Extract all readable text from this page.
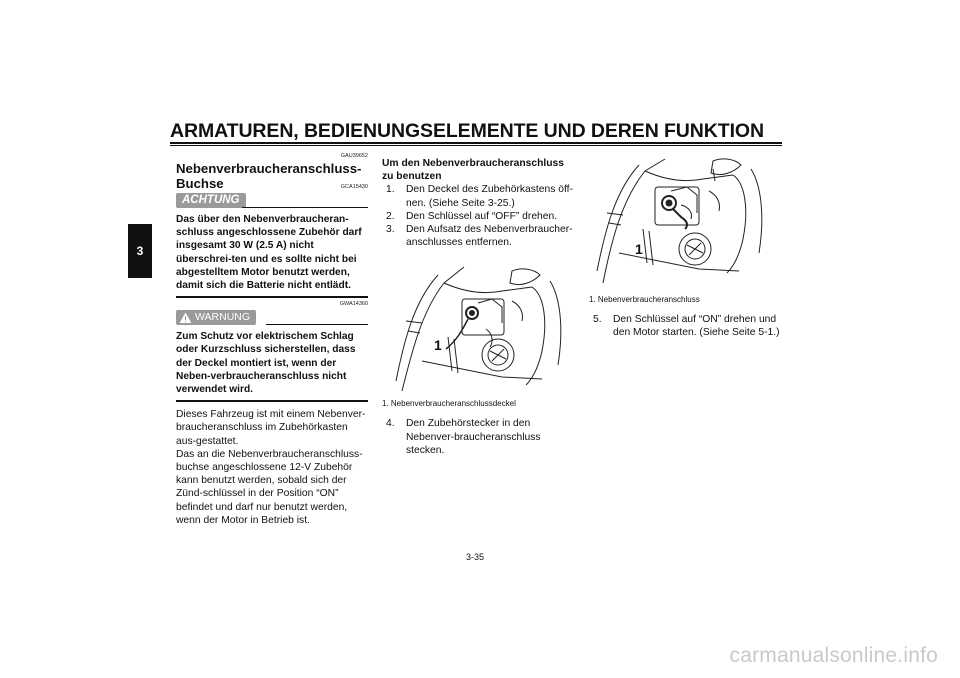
ARMATUREN, BEDIENUNGSELEMENTE UND DEREN FUNKTION
3
GAU39652
Nebenverbraucheranschluss-Buchse	GCA15430
ACHTUNG
Das über den Nebenverbraucheran-schluss angeschlossene Zubehör darf insgesamt 30 W (2.5 A) nicht überschrei-ten und es sollte nicht bei abgestelltem Motor benutzt werden, damit sich die Batterie nicht entlädt.
GWA14360
WARNUNG
Zum Schutz vor elektrischem Schlag oder Kurzschluss sicherstellen, dass der Deckel montiert ist, wenn der Neben-verbraucheranschluss nicht verwendet wird.

Dieses Fahrzeug ist mit einem Nebenver-braucheranschluss im Zubehörkasten aus-gestattet.

Das an die Nebenverbraucheranschluss-buchse angeschlossene 12-V Zubehör kann benutzt werden, sobald sich der Zünd-schlüssel in der Position “ON” befindet und darf nur benutzt werden, wenn der Motor in Betrieb ist.

Um den Nebenverbraucheranschluss zu benutzen
1.	Den Deckel des Zubehörkastens öff-nen. (Siehe Seite 3-25.)
2.	Den Schlüssel auf “OFF” drehen.
3.	Den Aufsatz des Nebenverbraucher-anschlusses entfernen.
1
1. Nebenverbraucheranschlussdeckel
4.	Den Zubehörstecker in den Nebenver-braucheranschluss stecken.
1
1. Nebenverbraucheranschluss
5.	Den Schlüssel auf “ON” drehen und den Motor starten. (Siehe Seite 5-1.)
3-35
carmanualsonline.info
